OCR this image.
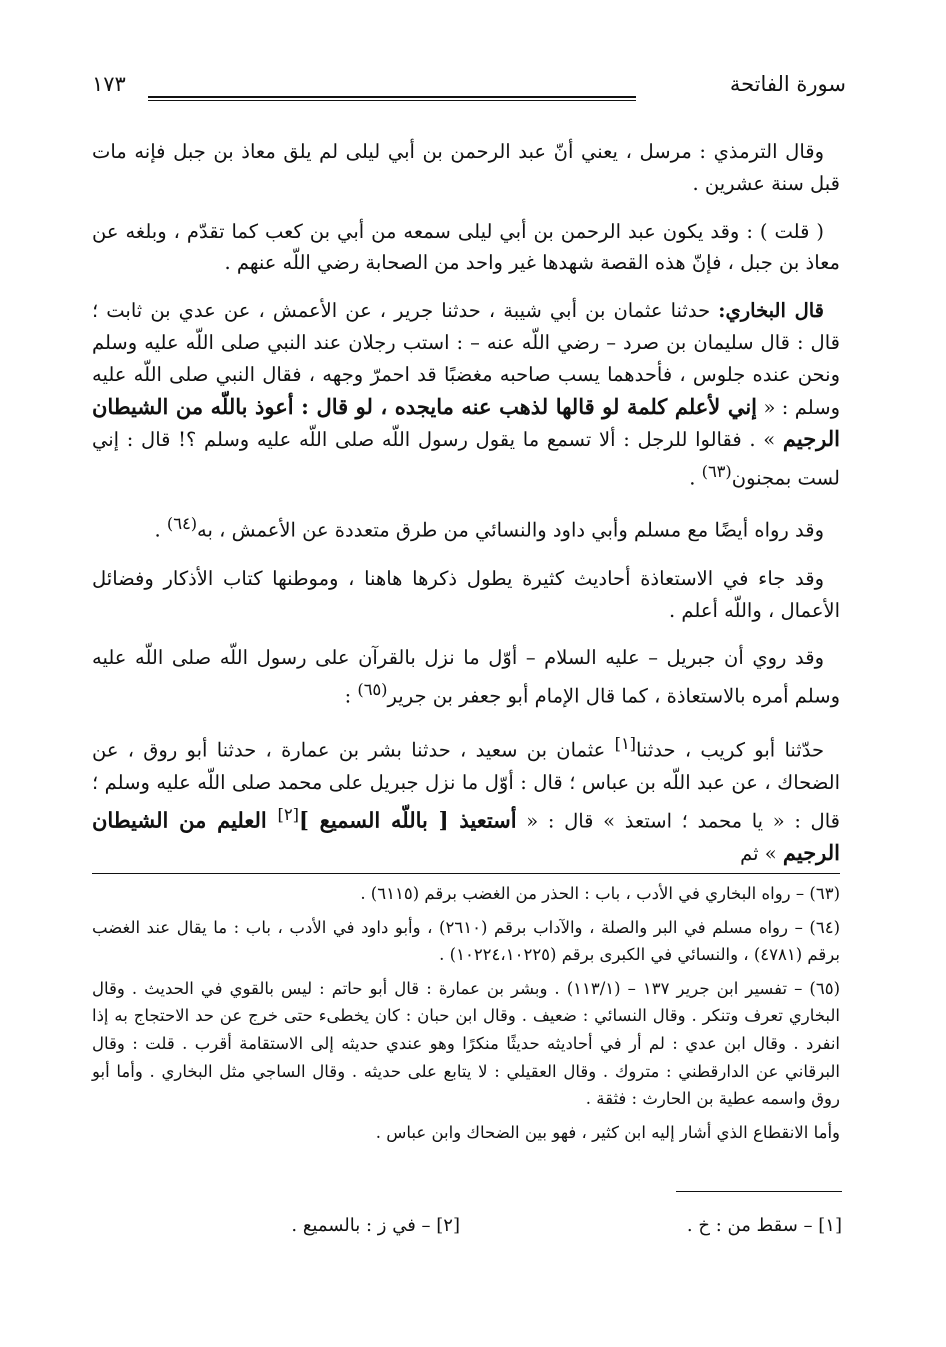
سورة الفاتحة
١٧٣

وقال الترمذي : مرسل ، يعني أنّ عبد الرحمن بن أبي ليلى لم يلق معاذ بن جبل فإنه مات قبل سنة عشرين .

( قلت ) : وقد يكون عبد الرحمن بن أبي ليلى سمعه من أبي بن كعب كما تقدّم ، وبلغه عن معاذ بن جبل ، فإنّ هذه القصة شهدها غير واحد من الصحابة رضي اللّه عنهم .

قال البخاري: حدثنا عثمان بن أبي شيبة ، حدثنا جرير ، عن الأعمش ، عن عدي بن ثابت ؛ قال : قال سليمان بن صرد – رضي اللّه عنه – : استب رجلان عند النبي صلى اللّه عليه وسلم ونحن عنده جلوس ، فأحدهما يسب صاحبه مغضبًا قد احمرّ وجهه ، فقال النبي صلى اللّه عليه وسلم : « إني لأعلم كلمة لو قالها لذهب عنه مايجده ، لو قال : أعوذ باللّه من الشيطان الرجيم » . فقالوا للرجل : ألا تسمع ما يقول رسول اللّه صلى اللّه عليه وسلم ؟! قال : إني لست بمجنون$^{(٦٣)}$ .

وقد رواه أيضًا مع مسلم وأبي داود والنسائي من طرق متعددة عن الأعمش ، به$^{(٦٤)}$ .

وقد جاء في الاستعاذة أحاديث كثيرة يطول ذكرها هاهنا ، وموطنها كتاب الأذكار وفضائل الأعمال ، واللّه أعلم .

وقد روي أن جبريل – عليه السلام – أوّل ما نزل بالقرآن على رسول اللّه صلى اللّه عليه وسلم أمره بالاستعاذة ، كما قال الإمام أبو جعفر بن جرير$^{(٦٥)}$ :

حدّثنا أبو كريب ، حدثنا[١] عثمان بن سعيد ، حدثنا بشر بن عمارة ، حدثنا أبو روق ، عن الضحاك ، عن عبد اللّه بن عباس ؛ قال : أوّل ما نزل جبريل على محمد صلى اللّه عليه وسلم ؛ قال : « يا محمد ؛ استعذ » قال : « أستعيذ [ باللّه السميع ][٢] العليم من الشيطان الرجيم » ثم

(٦٣) – رواه البخاري في الأدب ، باب : الحذر من الغضب برقم (٦١١٥) .

(٦٤) – رواه مسلم في البر والصلة ، والآداب برقم (٢٦١٠) ، وأبو داود في الأدب ، باب : ما يقال عند الغضب برقم (٤٧٨١) ، والنسائي في الكبرى برقم (١٠٢٢٤،١٠٢٢٥) .

(٦٥) – تفسير ابن جرير ١٣٧ – (١١٣/١) . وبشر بن عمارة : قال أبو حاتم : ليس بالقوي في الحديث . وقال البخاري تعرف وتنكر . وقال النسائي : ضعيف . وقال ابن حبان : كان يخطىء حتى خرج عن حد الاحتجاج به إذا انفرد . وقال ابن عدي : لم أر في أحاديثه حديثًا منكرًا وهو عندي حديثه إلى الاستقامة أقرب . قلت : وقال البرقاني عن الدارقطني : متروك . وقال العقيلي : لا يتابع على حديثه . وقال الساجي مثل البخاري . وأما أبو روق واسمه عطية بن الحارث : فثقة .

وأما الانقطاع الذي أشار إليه ابن كثير ، فهو بين الضحاك وابن عباس .

[١] – سقط من : خ .
[٢] – في ز : بالسميع .
